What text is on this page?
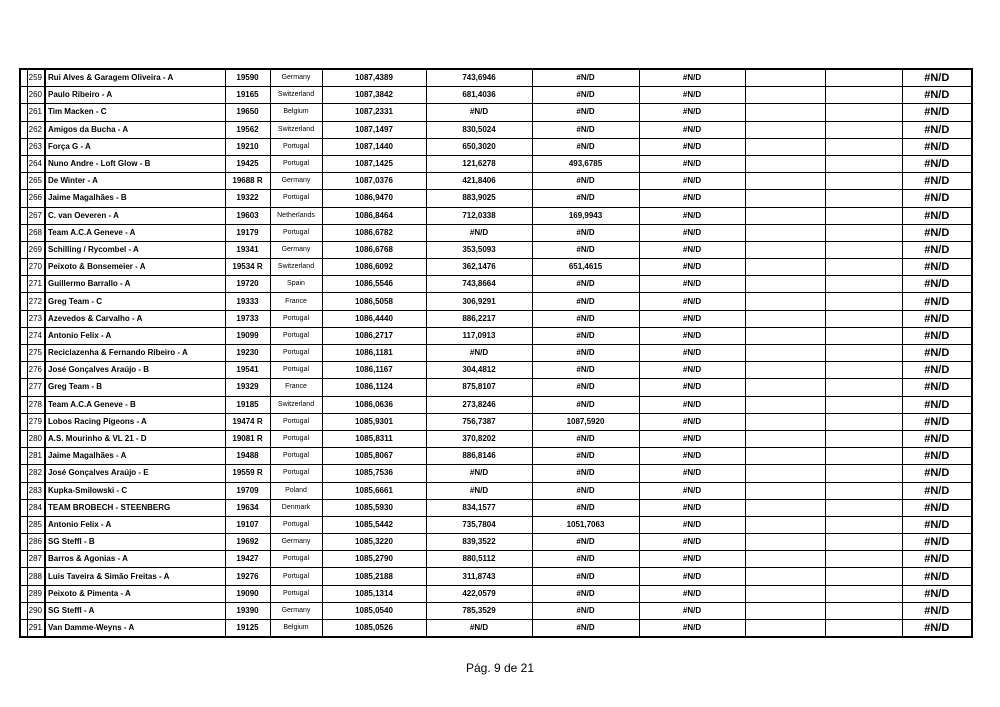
	259	Rui Alves & Garagem Oliveira - A	19590	Germany	1087,4389	743,6946	#N/D	#N/D			#N/D
	260	Paulo Ribeiro - A	19165	Switzerland	1087,3842	681,4036	#N/D	#N/D			#N/D
	261	Tim Macken - C	19650	Belgium	1087,2331	#N/D	#N/D	#N/D			#N/D
	262	Amigos da Bucha - A	19562	Switzerland	1087,1497	830,5024	#N/D	#N/D			#N/D
	263	Força G - A	19210	Portugal	1087,1440	650,3020	#N/D	#N/D			#N/D
	264	Nuno Andre - Loft Glow - B	19425	Portugal	1087,1425	121,6278	493,6785	#N/D			#N/D
	265	De Winter - A	19688 R	Germany	1087,0376	421,8406	#N/D	#N/D			#N/D
	266	Jaime Magalhães - B	19322	Portugal	1086,9470	883,9025	#N/D	#N/D			#N/D
	267	C. van Oeveren - A	19603	Netherlands	1086,8464	712,0338	169,9943	#N/D			#N/D
	268	Team A.C.A Geneve - A	19179	Portugal	1086,6782	#N/D	#N/D	#N/D			#N/D
	269	Schilling / Rycombel - A	19341	Germany	1086,6768	353,5093	#N/D	#N/D			#N/D
	270	Peixoto & Bonsemeier - A	19534 R	Switzerland	1086,6092	362,1476	651,4615	#N/D			#N/D
	271	Guillermo Barrallo - A	19720	Spain	1086,5546	743,8664	#N/D	#N/D			#N/D
	272	Greg Team - C	19333	France	1086,5058	306,9291	#N/D	#N/D			#N/D
	273	Azevedos & Carvalho - A	19733	Portugal	1086,4440	886,2217	#N/D	#N/D			#N/D
	274	Antonio Felix - A	19099	Portugal	1086,2717	117,0913	#N/D	#N/D			#N/D
	275	Reciclazenha & Fernando Ribeiro - A	19230	Portugal	1086,1181	#N/D	#N/D	#N/D			#N/D
	276	José Gonçalves Araújo - B	19541	Portugal	1086,1167	304,4812	#N/D	#N/D			#N/D
	277	Greg Team - B	19329	France	1086,1124	875,8107	#N/D	#N/D			#N/D
	278	Team A.C.A Geneve - B	19185	Switzerland	1086,0636	273,8246	#N/D	#N/D			#N/D
	279	Lobos Racing Pigeons - A	19474 R	Portugal	1085,9301	756,7387	1087,5920	#N/D			#N/D
	280	A.S. Mourinho & VL 21 - D	19081 R	Portugal	1085,8311	370,8202	#N/D	#N/D			#N/D
	281	Jaime Magalhães - A	19488	Portugal	1085,8067	886,8146	#N/D	#N/D			#N/D
	282	José Gonçalves Araújo - E	19559 R	Portugal	1085,7536	#N/D	#N/D	#N/D			#N/D
	283	Kupka-Smilowski - C	19709	Poland	1085,6661	#N/D	#N/D	#N/D			#N/D
	284	TEAM BROBECH - STEENBERG	19634	Denmark	1085,5930	834,1577	#N/D	#N/D			#N/D
	285	Antonio Felix - A	19107	Portugal	1085,5442	735,7804	1051,7063	#N/D			#N/D
	286	SG Steffl - B	19692	Germany	1085,3220	839,3522	#N/D	#N/D			#N/D
	287	Barros & Agonias - A	19427	Portugal	1085,2790	880,5112	#N/D	#N/D			#N/D
	288	Luis Taveira & Simão Freitas - A	19276	Portugal	1085,2188	311,8743	#N/D	#N/D			#N/D
	289	Peixoto & Pimenta - A	19090	Portugal	1085,1314	422,0579	#N/D	#N/D			#N/D
	290	SG Steffl - A	19390	Germany	1085,0540	785,3529	#N/D	#N/D			#N/D
	291	Van Damme-Weyns - A	19125	Belgium	1085,0526	#N/D	#N/D	#N/D			#N/D
Pág. 9 de 21
